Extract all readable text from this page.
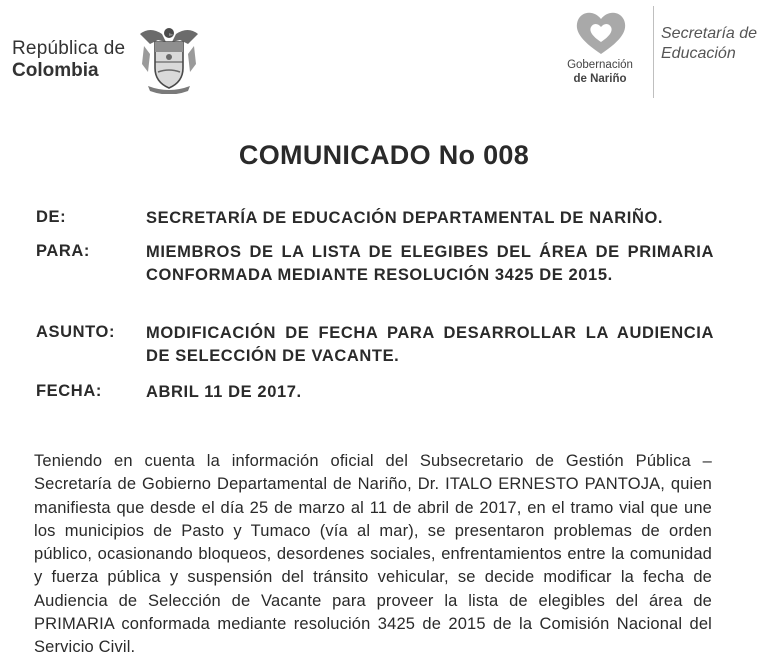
República de
Colombia	Gobernación
de Nariño
Secretaría de
Educación
COMUNICADO No 008
DE:	SECRETARÍA DE EDUCACIÓN DEPARTAMENTAL DE NARIÑO.
PARA:	MIEMBROS DE LA LISTA DE ELEGIBES DEL ÁREA DE PRIMARIA CONFORMADA MEDIANTE RESOLUCIÓN 3425 DE 2015.
ASUNTO: MODIFICACIÓN DE FECHA PARA DESARROLLAR LA AUDIENCIA DE SELECCIÓN DE VACANTE.
FECHA:	ABRIL 11 DE 2017.
Teniendo en cuenta la información oficial del Subsecretario de Gestión Pública – Secretaría de Gobierno Departamental de Nariño, Dr. ITALO ERNESTO PANTOJA, quien manifiesta que desde el día 25 de marzo al 11 de abril de 2017, en el tramo vial que une los municipios de Pasto y Tumaco (vía al mar), se presentaron problemas de orden público, ocasionando bloqueos, desordenes sociales, enfrentamientos entre la comunidad y fuerza pública y suspensión del tránsito vehicular, se decide modificar la fecha de Audiencia de Selección de Vacante para proveer la lista de elegibles del área de PRIMARIA conformada mediante resolución 3425 de 2015 de la Comisión Nacional del Servicio Civil.
